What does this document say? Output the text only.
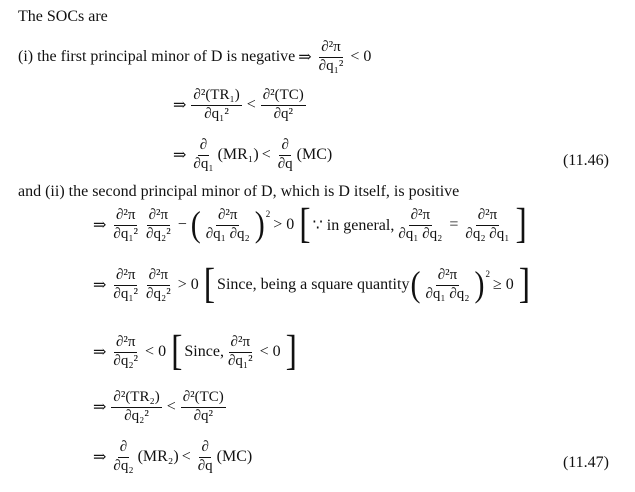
The SOCs are
(i) the first principal minor of D is negative ⇒ $\frac{\text{∂²π}}{\text{∂q₁²}} < 0$
⇒ $\frac{\text{∂²(TR₁)}}{\text{∂q₁²}} < \frac{\text{∂²(TC)}}{\text{∂q²}}$
⇒ $\frac{\partial}{\text{∂q₁}} (MR_1) < \frac{\partial}{\partial q} (MC)$	(11.46)
and (ii) the second principal minor of D, which is D itself, is positive
⇒ $\frac{\text{∂²π}}{\text{∂q₁²}} \frac{\text{∂²π}}{\text{∂q₂²}}$ − ( $\frac{\text{∂²π}}{\text{∂q₁ ∂q₂}}$ ) 2
> 0 [ ∵ in general, $\frac{\text{∂²π}}{\text{∂q₁ ∂q₂}} = \frac{\text{∂²π}}{\text{∂q₂ ∂q₁}}$ ]
⇒ $\frac{\text{∂²π}}{\text{∂q₁²}} \frac{\text{∂²π}}{\text{∂q₂²}} > 0$ [ Since, being a square quantity ( $\frac{\text{∂²π}}{\text{∂q₁ ∂q₂}}$ ) 2
≥ 0 ]
⇒ $\frac{\text{∂²π}}{\text{∂q₂²}} < 0$ [ Since, $\frac{\text{∂²π}}{\text{∂q₁²}} < 0$ ]
⇒ $\frac{\text{∂²(TR₂)}}{\text{∂q₂²}} < \frac{\text{∂²(TC)}}{\text{∂q²}}$
⇒ $\frac{\partial}{\text{∂q₂}} (MR_2) < \frac{\partial}{\partial q} (MC)$	(11.47)
